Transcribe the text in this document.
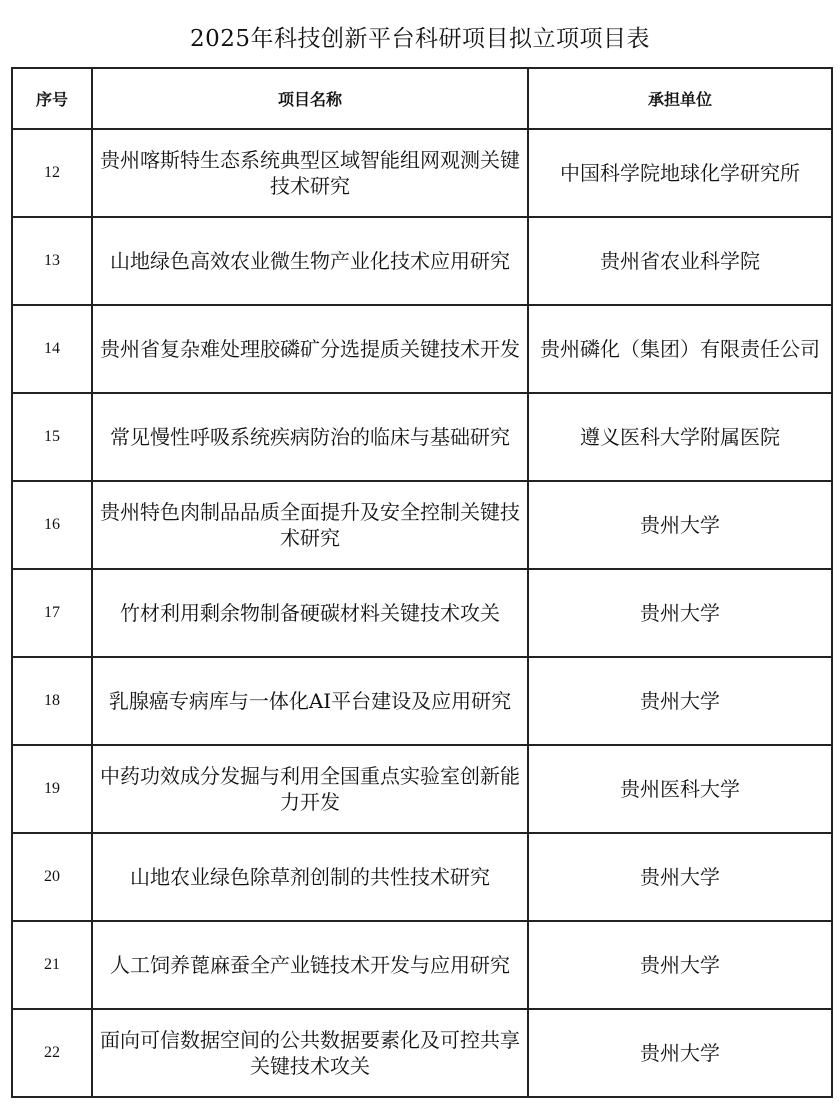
2025年科技创新平台科研项目拟立项项目表
序号	项目名称	承担单位
12	贵州喀斯特生态系统典型区域智能组网观测关键技术研究	中国科学院地球化学研究所
13	山地绿色高效农业微生物产业化技术应用研究	贵州省农业科学院
14	贵州省复杂难处理胶磷矿分选提质关键技术开发	贵州磷化（集团）有限责任公司
15	常见慢性呼吸系统疾病防治的临床与基础研究	遵义医科大学附属医院
16	贵州特色肉制品品质全面提升及安全控制关键技术研究	贵州大学
17	竹材利用剩余物制备硬碳材料关键技术攻关	贵州大学
18	乳腺癌专病库与一体化AI平台建设及应用研究	贵州大学
19	中药功效成分发掘与利用全国重点实验室创新能力开发	贵州医科大学
20	山地农业绿色除草剂创制的共性技术研究	贵州大学
21	人工饲养蓖麻蚕全产业链技术开发与应用研究	贵州大学
22	面向可信数据空间的公共数据要素化及可控共享关键技术攻关	贵州大学
